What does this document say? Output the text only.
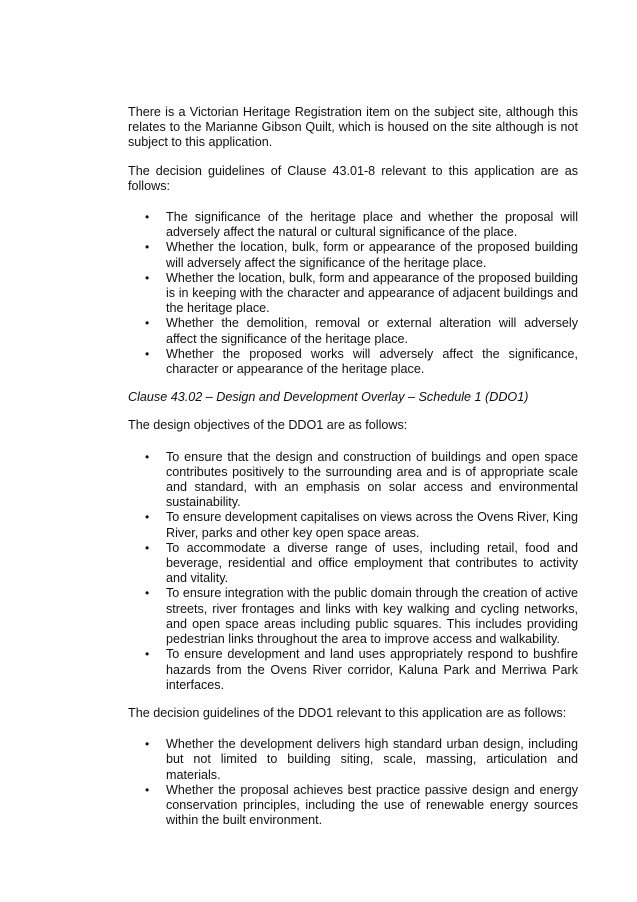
There is a Victorian Heritage Registration item on the subject site, although this relates to the Marianne Gibson Quilt, which is housed on the site although is not subject to this application.

The decision guidelines of Clause 43.01-8 relevant to this application are as follows:

• The significance of the heritage place and whether the proposal will adversely affect the natural or cultural significance of the place.
• Whether the location, bulk, form or appearance of the proposed building will adversely affect the significance of the heritage place.
• Whether the location, bulk, form and appearance of the proposed building is in keeping with the character and appearance of adjacent buildings and the heritage place.
• Whether the demolition, removal or external alteration will adversely affect the significance of the heritage place.
• Whether the proposed works will adversely affect the significance, character or appearance of the heritage place.

Clause 43.02 – Design and Development Overlay – Schedule 1 (DDO1)

The design objectives of the DDO1 are as follows:

• To ensure that the design and construction of buildings and open space contributes positively to the surrounding area and is of appropriate scale and standard, with an emphasis on solar access and environmental sustainability.
• To ensure development capitalises on views across the Ovens River, King River, parks and other key open space areas.
• To accommodate a diverse range of uses, including retail, food and beverage, residential and office employment that contributes to activity and vitality.
• To ensure integration with the public domain through the creation of active streets, river frontages and links with key walking and cycling networks, and open space areas including public squares. This includes providing pedestrian links throughout the area to improve access and walkability.
• To ensure development and land uses appropriately respond to bushfire hazards from the Ovens River corridor, Kaluna Park and Merriwa Park interfaces.

The decision guidelines of the DDO1 relevant to this application are as follows:

• Whether the development delivers high standard urban design, including but not limited to building siting, scale, massing, articulation and materials.
• Whether the proposal achieves best practice passive design and energy conservation principles, including the use of renewable energy sources within the built environment.
